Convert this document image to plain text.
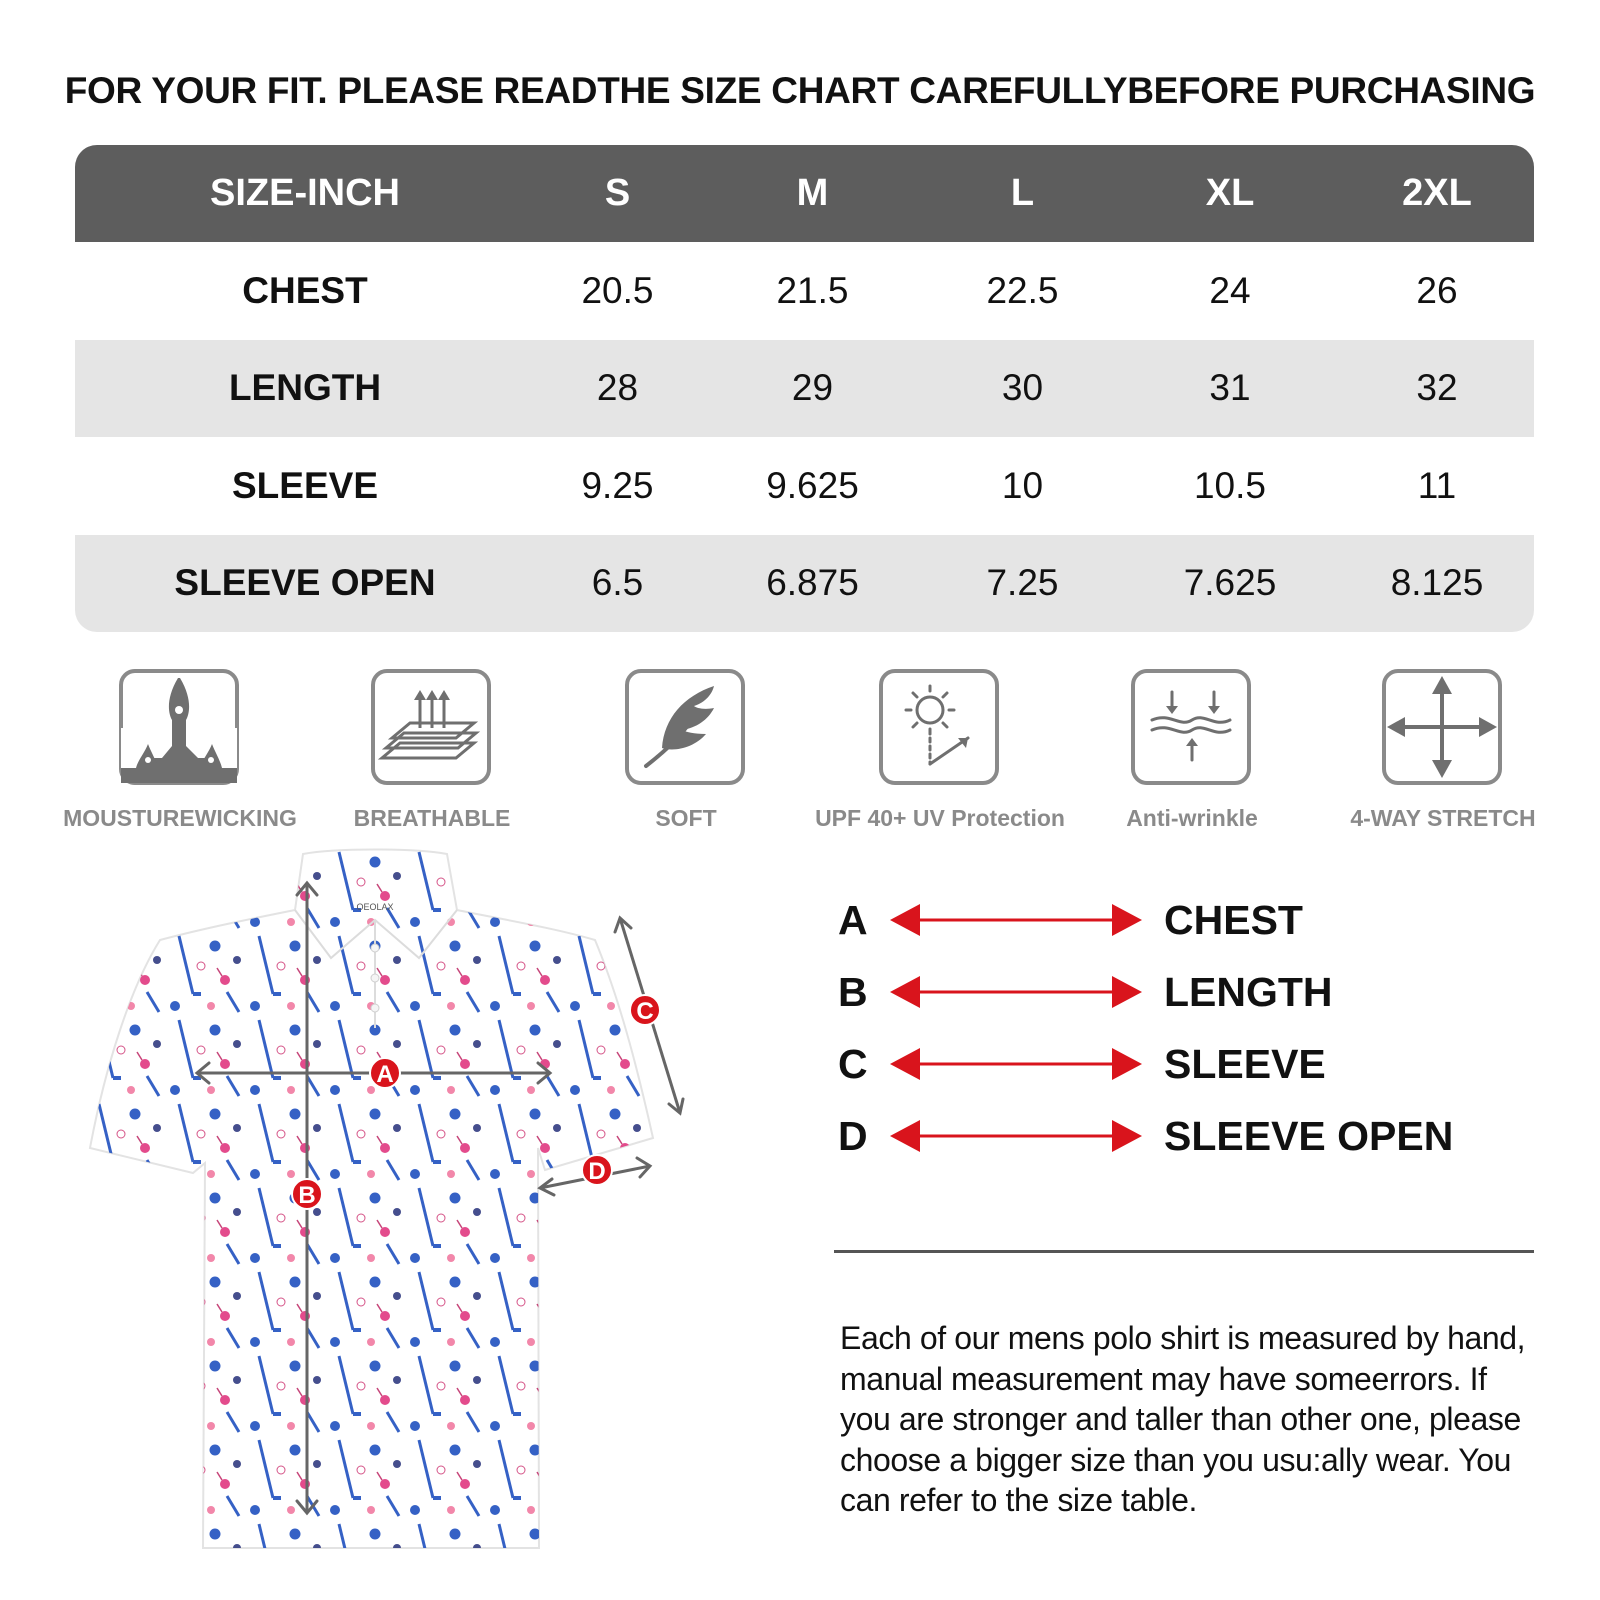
FOR YOUR FIT. PLEASE READTHE SIZE CHART CAREFULLYBEFORE PURCHASING
SIZE-INCH	S	M	L	XL	2XL
CHEST	20.5	21.5	22.5	24	26
LENGTH	28	29	30	31	32
SLEEVE	9.25	9.625	10	10.5	11
SLEEVE OPEN	6.5	6.875	7.25	7.625	8.125
MOUSTUREWICKING	BREATHABLE	SOFT	UPF 40+ UV Protection	Anti-wrinkle	4-WAY STRETCH
OEOLAX
A
B
C
D
A	CHEST
B	LENGTH
C	SLEEVE
D	SLEEVE OPEN
Each of our mens polo shirt is measured by hand, manual measurement may have someerrors. If you are stronger and taller than other one, please choose a bigger size than you usu:ally wear. You can refer to the size table.
